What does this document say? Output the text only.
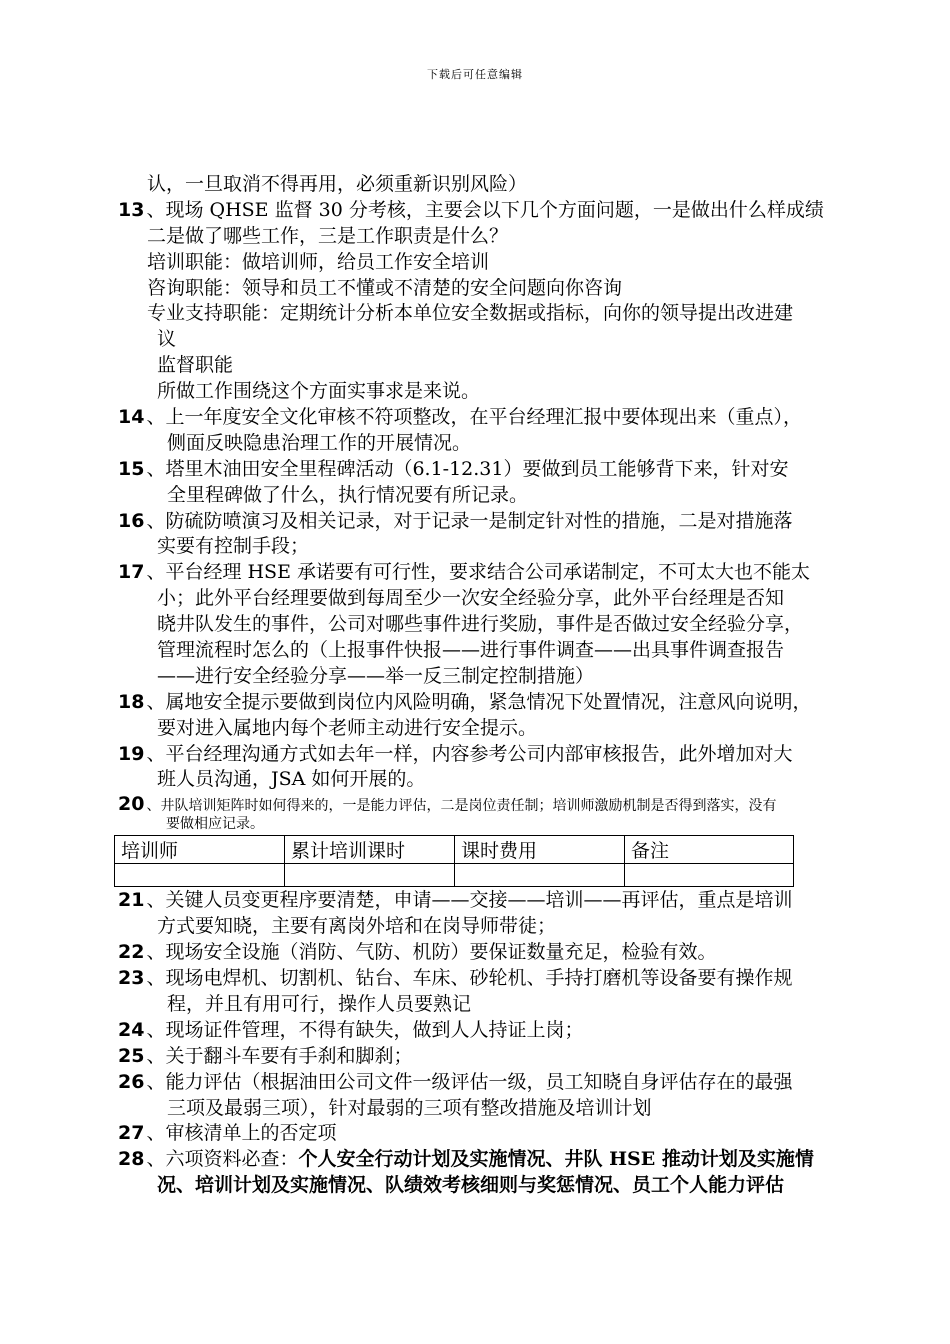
下载后可任意编辑
认，一旦取消不得再用，必须重新识别风险）
13 、现场 QHSE 监督 30 分考核，主要会以下几个方面问题，一是做出什么样成绩
二是做了哪些工作，三是工作职责是什么？
培训职能：做培训师，给员工作安全培训
咨询职能：领导和员工不懂或不清楚的安全问题向你咨询
专业支持职能：定期统计分析本单位安全数据或指标，向你的领导提出改进建
议
监督职能
所做工作围绕这个方面实事求是来说。
14 、上一年度安全文化审核不符项整改，在平台经理汇报中要体现出来（重点），
侧面反映隐患治理工作的开展情况。
15 、塔里木油田安全里程碑活动（6.1-12.31）要做到员工能够背下来，针对安
全里程碑做了什么，执行情况要有所记录。
16 、防硫防喷演习及相关记录，对于记录一是制定针对性的措施，二是对措施落
实要有控制手段；
17 、平台经理 HSE 承诺要有可行性，要求结合公司承诺制定，不可太大也不能太
小；此外平台经理要做到每周至少一次安全经验分享，此外平台经理是否知
晓井队发生的事件，公司对哪些事件进行奖励，事件是否做过安全经验分享，
管理流程时怎么的（上报事件快报——进行事件调查——出具事件调查报告
——进行安全经验分享——举一反三制定控制措施）
18 、属地安全提示要做到岗位内风险明确，紧急情况下处置情况，注意风向说明，
要对进入属地内每个老师主动进行安全提示。
19 、平台经理沟通方式如去年一样，内容参考公司内部审核报告，此外增加对大
班人员沟通，JSA 如何开展的。
20 、井队培训矩阵时如何得来的，一是能力评估，二是岗位责任制；培训师激励机制是否得到落实，没有
要做相应记录。
培训师	累计培训课时	课时费用	备注

21 、关键人员变更程序要清楚，申请——交接——培训——再评估，重点是培训
方式要知晓，主要有离岗外培和在岗导师带徒；
22 、现场安全设施（消防、气防、机防）要保证数量充足，检验有效。
23 、现场电焊机、切割机、钻台、车床、砂轮机、手持打磨机等设备要有操作规
程，并且有用可行，操作人员要熟记
24 、现场证件管理，不得有缺失，做到人人持证上岗；
25 、关于翻斗车要有手刹和脚刹；
26 、能力评估（根据油田公司文件一级评估一级，员工知晓自身评估存在的最强
三项及最弱三项），针对最弱的三项有整改措施及培训计划
27 、审核清单上的否定项
28 、六项资料必查：个人安全行动计划及实施情况、井队 HSE 推动计划及实施情
况、培训计划及实施情况、队绩效考核细则与奖惩情况、员工个人能力评估
